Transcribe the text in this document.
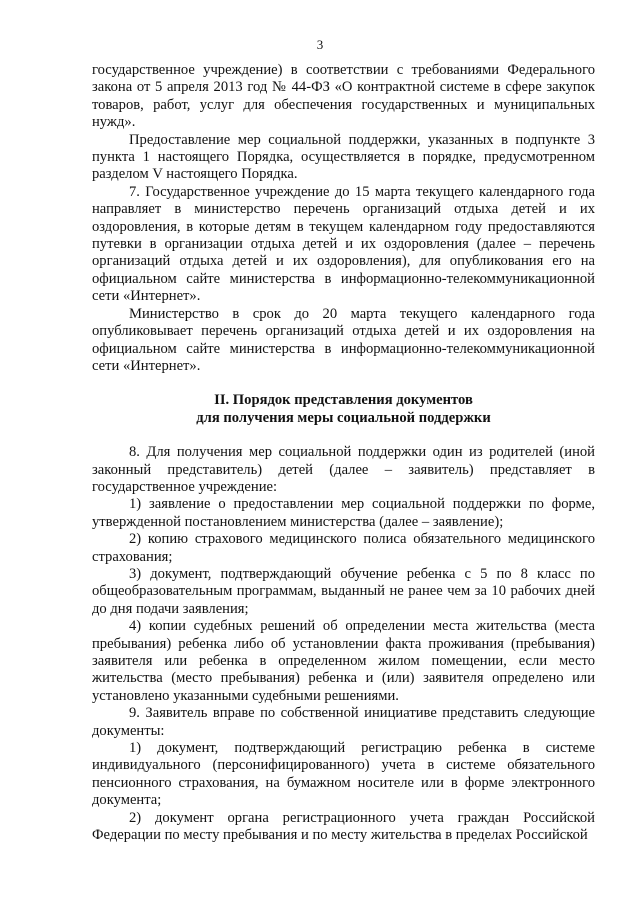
3

государственное учреждение) в соответствии с требованиями Федерального закона от 5 апреля 2013 год № 44-ФЗ «О контрактной системе в сфере закупок товаров, работ, услуг для обеспечения государственных и муниципальных нужд».

Предоставление мер социальной поддержки, указанных в подпункте 3 пункта 1 настоящего Порядка, осуществляется в порядке, предусмотренном разделом V настоящего Порядка.

7. Государственное учреждение до 15 марта текущего календарного года направляет в министерство перечень организаций отдыха детей и их оздоровления, в которые детям в текущем календарном году предоставляются путевки в организации отдыха детей и их оздоровления (далее – перечень организаций отдыха детей и их оздоровления), для опубликования его на официальном сайте министерства в информационно-телекоммуникационной сети «Интернет».

Министерство в срок до 20 марта текущего календарного года опубликовывает перечень организаций отдыха детей и их оздоровления на официальном сайте министерства в информационно-телекоммуникационной сети «Интернет».

II. Порядок представления документов

для получения меры социальной поддержки

8. Для получения мер социальной поддержки один из родителей (иной законный представитель) детей (далее – заявитель) представляет в государственное учреждение:

1) заявление о предоставлении мер социальной поддержки по форме, утвержденной постановлением министерства (далее – заявление);

2) копию страхового медицинского полиса обязательного медицинского страхования;

3) документ, подтверждающий обучение ребенка с 5 по 8 класс по общеобразовательным программам, выданный не ранее чем за 10 рабочих дней до дня подачи заявления;

4) копии судебных решений об определении места жительства (места пребывания) ребенка либо об установлении факта проживания (пребывания) заявителя или ребенка в определенном жилом помещении, если место жительства (место пребывания) ребенка и (или) заявителя определено или установлено указанными судебными решениями.

9. Заявитель вправе по собственной инициативе представить следующие документы:

1) документ, подтверждающий регистрацию ребенка в системе индивидуального (персонифицированного) учета в системе обязательного пенсионного страхования, на бумажном носителе или в форме электронного документа;

2) документ органа регистрационного учета граждан Российской Федерации по месту пребывания и по месту жительства в пределах Российской
